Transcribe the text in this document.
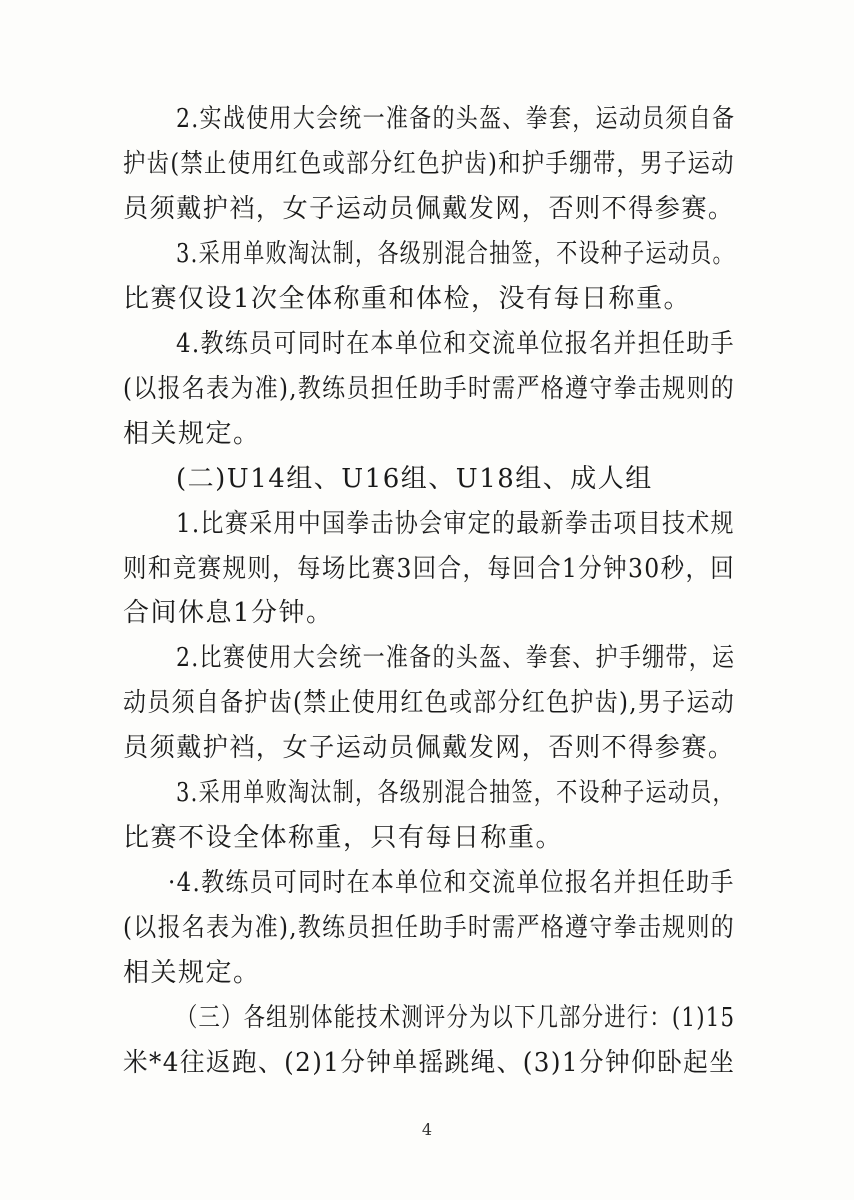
2.实战使用大会统一准备的头盔、拳套，运动员须自备
护齿(禁止使用红色或部分红色护齿)和护手绷带，男子运动
员须戴护裆，女子运动员佩戴发网，否则不得参赛。
3.采用单败淘汰制，各级别混合抽签，不设种子运动员。
比赛仅设1次全体称重和体检，没有每日称重。
4.教练员可同时在本单位和交流单位报名并担任助手
(以报名表为准),教练员担任助手时需严格遵守拳击规则的
相关规定。
(二)U14组、U16组、U18组、成人组
1.比赛采用中国拳击协会审定的最新拳击项目技术规
则和竞赛规则，每场比赛3回合，每回合1分钟30秒，回
合间休息1分钟。
2.比赛使用大会统一准备的头盔、拳套、护手绷带，运
动员须自备护齿(禁止使用红色或部分红色护齿),男子运动
员须戴护裆，女子运动员佩戴发网，否则不得参赛。
3.采用单败淘汰制，各级别混合抽签，不设种子运动员，
比赛不设全体称重，只有每日称重。
·4.教练员可同时在本单位和交流单位报名并担任助手
(以报名表为准),教练员担任助手时需严格遵守拳击规则的
相关规定。
（三）各组别体能技术测评分为以下几部分进行：(1)15
米*4往返跑、(2)1分钟单摇跳绳、(3)1分钟仰卧起坐
4
